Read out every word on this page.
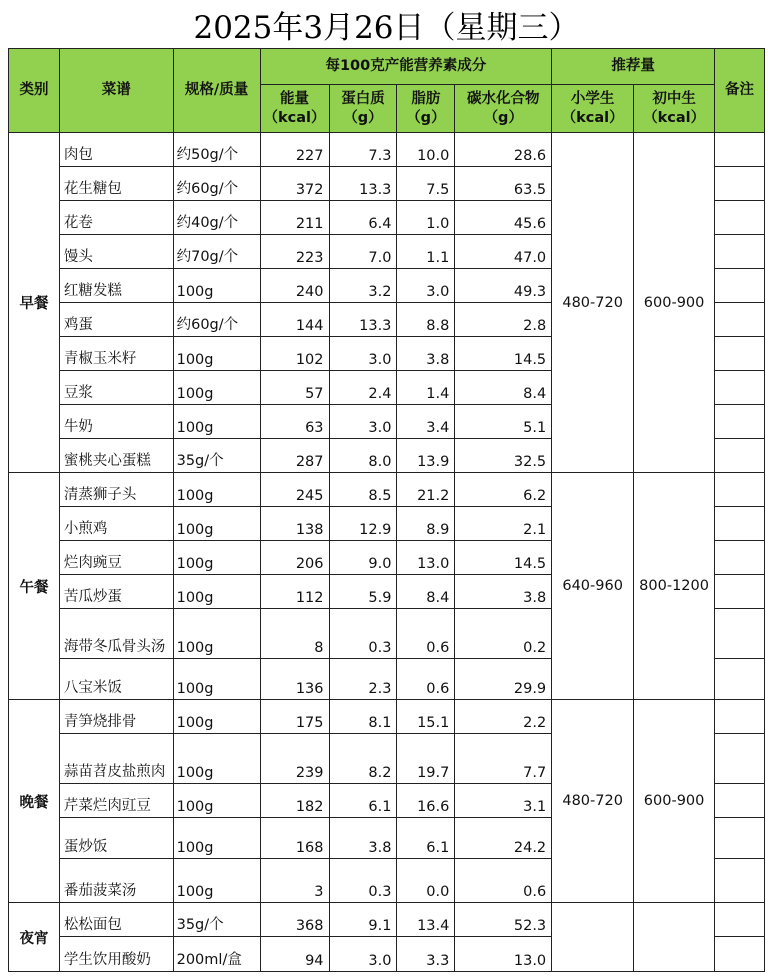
2025年3月26日（星期三）
类别	菜谱	规格/质量	每100克产能营养素成分				推荐量		备注
			能量（kcal）	蛋白质（g）	脂肪（g）	碳水化合物（g）	小学生（kcal）	初中生（kcal）	
早餐	肉包	约50g/个	227	7.3	10.0	28.6	480-720	600-900	
	花生糖包	约60g/个	372	13.3	7.5	63.5			
	花卷	约40g/个	211	6.4	1.0	45.6			
	馒头	约70g/个	223	7.0	1.1	47.0			
	红糖发糕	100g	240	3.2	3.0	49.3			
	鸡蛋	约60g/个	144	13.3	8.8	2.8			
	青椒玉米籽	100g	102	3.0	3.8	14.5			
	豆浆	100g	57	2.4	1.4	8.4			
	牛奶	100g	63	3.0	3.4	5.1			
	蜜桃夹心蛋糕	35g/个	287	8.0	13.9	32.5			
午餐	清蒸狮子头	100g	245	8.5	21.2	6.2	640-960	800-1200	
	小煎鸡	100g	138	12.9	8.9	2.1			
	烂肉豌豆	100g	206	9.0	13.0	14.5			
	苦瓜炒蛋	100g	112	5.9	8.4	3.8			
	海带冬瓜骨头汤	100g	8	0.3	0.6	0.2			
	八宝米饭	100g	136	2.3	0.6	29.9			
晚餐	青笋烧排骨	100g	175	8.1	15.1	2.2	480-720	600-900	
	蒜苗苕皮盐煎肉	100g	239	8.2	19.7	7.7			
	芹菜烂肉豇豆	100g	182	6.1	16.6	3.1			
	蛋炒饭	100g	168	3.8	6.1	24.2			
	番茄菠菜汤	100g	3	0.3	0.0	0.6			
夜宵	松松面包	35g/个	368	9.1	13.4	52.3			
	学生饮用酸奶	200ml/盒	94	3.0	3.3	13.0			
